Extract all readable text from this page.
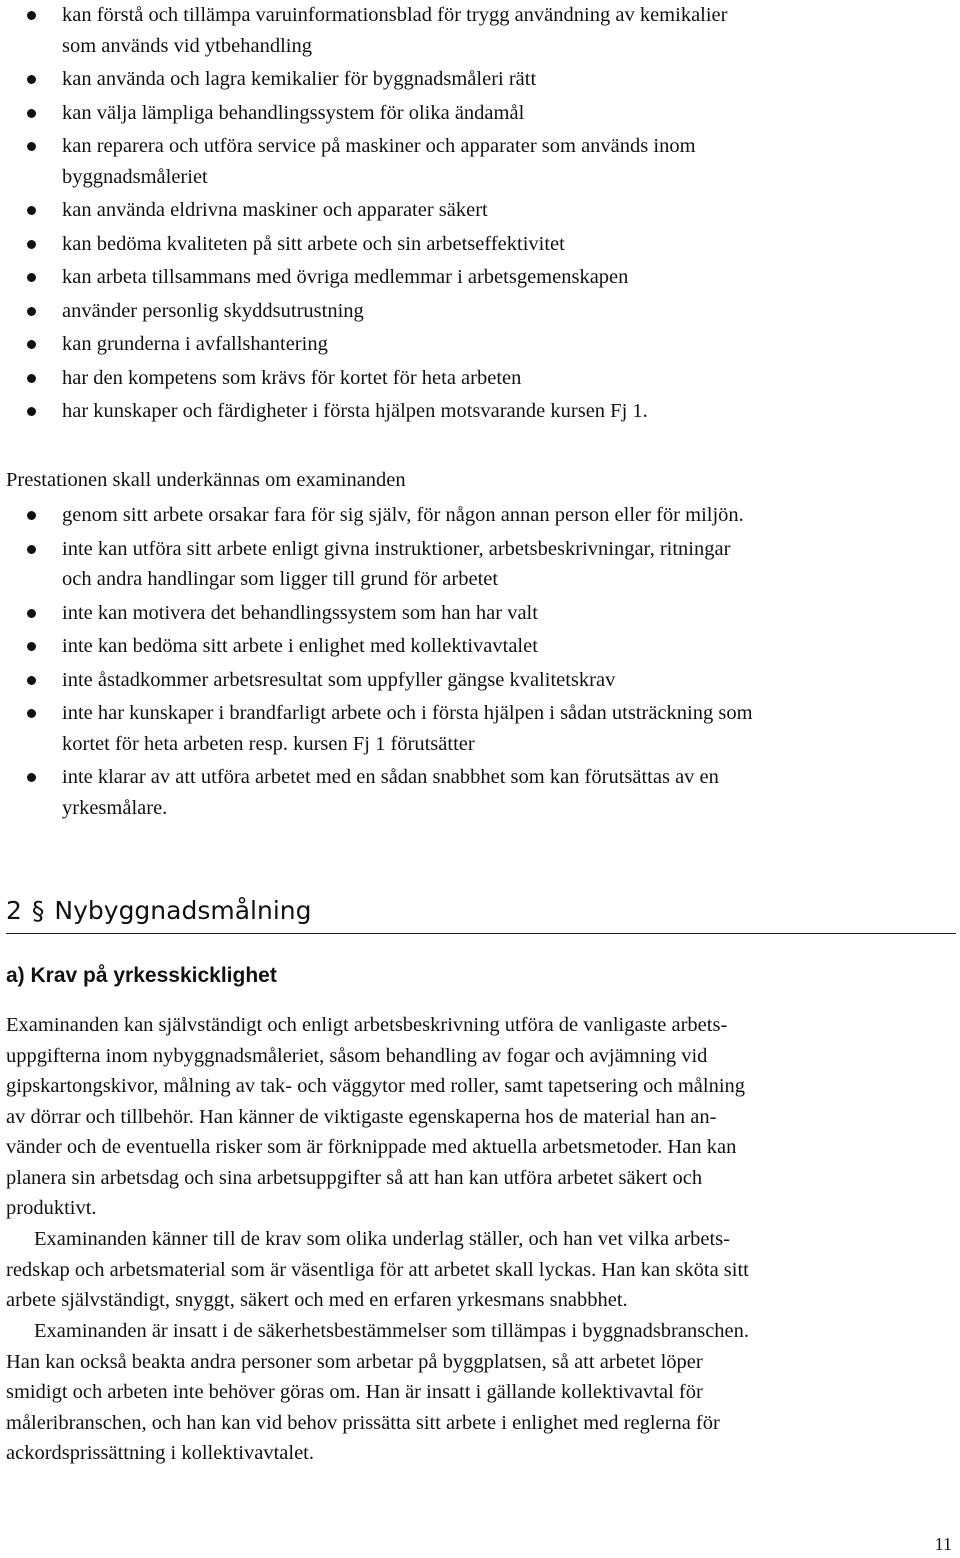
kan förstå och tillämpa varuinformationsblad för trygg användning av kemikalier
som används vid ytbehandling
kan använda och lagra kemikalier för byggnadsmåleri rätt
kan välja lämpliga behandlingssystem för olika ändamål
kan reparera och utföra service på maskiner och apparater som används inom
byggnadsmåleriet
kan använda eldrivna maskiner och apparater säkert
kan bedöma kvaliteten på sitt arbete och sin arbetseffektivitet
kan arbeta tillsammans med övriga medlemmar i arbetsgemenskapen
använder personlig skyddsutrustning
kan grunderna i avfallshantering
har den kompetens som krävs för kortet för heta arbeten
har kunskaper och färdigheter i första hjälpen motsvarande kursen Fj 1.

Prestationen skall underkännas om examinanden

genom sitt arbete orsakar fara för sig själv, för någon annan person eller för miljön.
inte kan utföra sitt arbete enligt givna instruktioner, arbetsbeskrivningar, ritningar
och andra handlingar som ligger till grund för arbetet
inte kan motivera det behandlingssystem som han har valt
inte kan bedöma sitt arbete i enlighet med kollektivavtalet
inte åstadkommer arbetsresultat som uppfyller gängse kvalitetskrav
inte har kunskaper i brandfarligt arbete och i första hjälpen i sådan utsträckning som
kortet för heta arbeten resp. kursen Fj 1 förutsätter
inte klarar av att utföra arbetet med en sådan snabbhet som kan förutsättas av en
yrkesmålare.
2 § Nybyggnadsmålning
a) Krav på yrkesskicklighet

Examinanden kan självständigt och enligt arbetsbeskrivning utföra de vanligaste arbets-
uppgifterna inom nybyggnadsmåleriet, såsom behandling av fogar och avjämning vid
gipskartongskivor, målning av tak- och väggytor med roller, samt tapetsering och målning
av dörrar och tillbehör. Han känner de viktigaste egenskaperna hos de material han an-
vänder och de eventuella risker som är förknippade med aktuella arbetsmetoder. Han kan
planera sin arbetsdag och sina arbetsuppgifter så att han kan utföra arbetet säkert och
produktivt.

Examinanden känner till de krav som olika underlag ställer, och han vet vilka arbets-
redskap och arbetsmaterial som är väsentliga för att arbetet skall lyckas. Han kan sköta sitt
arbete självständigt, snyggt, säkert och med en erfaren yrkesmans snabbhet.

Examinanden är insatt i de säkerhetsbestämmelser som tillämpas i byggnadsbranschen.
Han kan också beakta andra personer som arbetar på byggplatsen, så att arbetet löper
smidigt och arbeten inte behöver göras om. Han är insatt i gällande kollektivavtal för
måleribranschen, och han kan vid behov prissätta sitt arbete i enlighet med reglerna för
ackordsprissättning i kollektivavtalet.

11
